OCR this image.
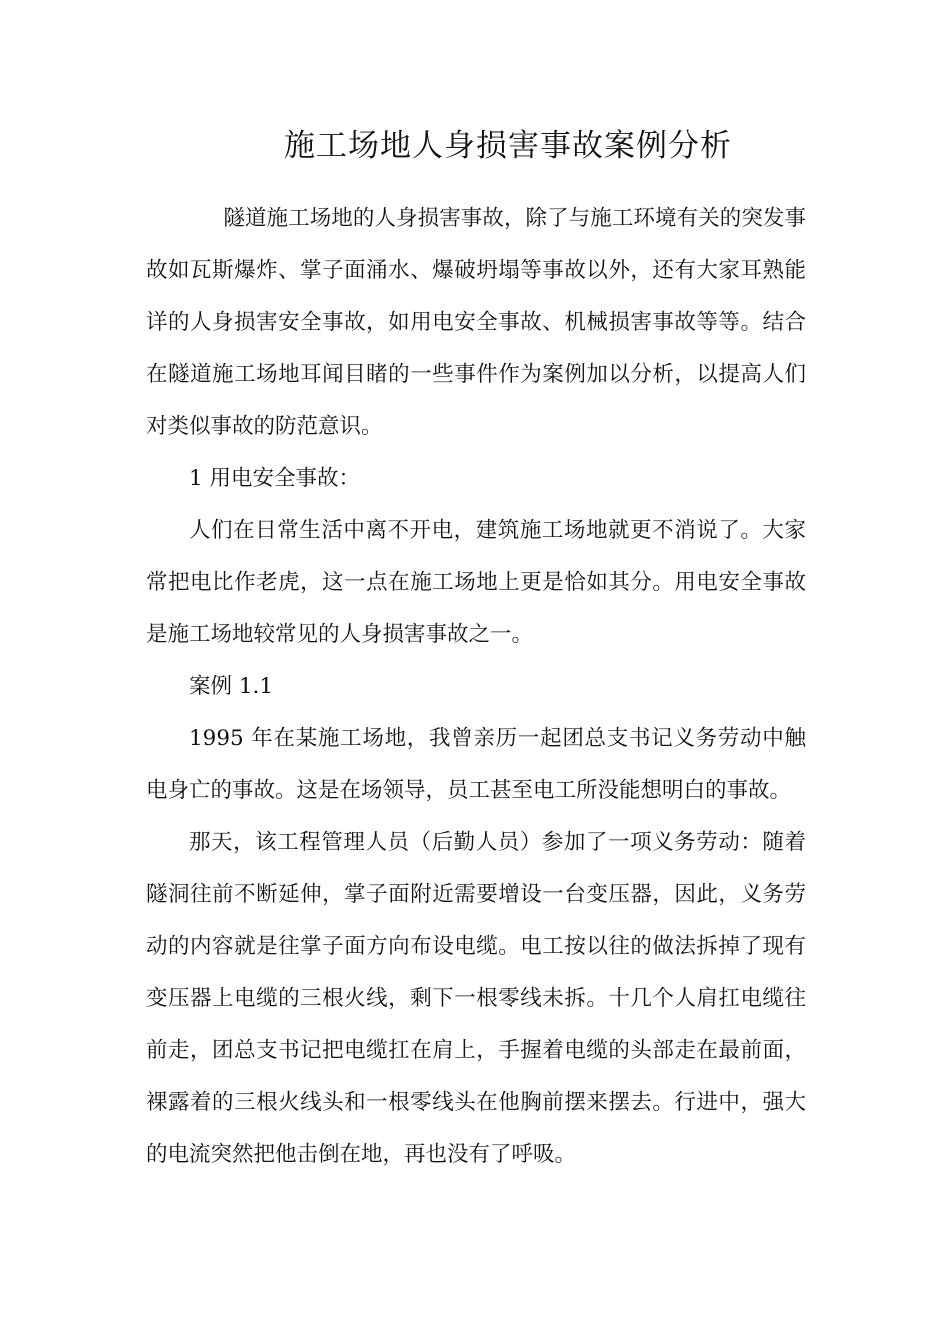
施工场地人身损害事故案例分析

隧道施工场地的人身损害事故，除了与施工环境有关的突发事故如瓦斯爆炸、掌子面涌水、爆破坍塌等事故以外，还有大家耳熟能详的人身损害安全事故，如用电安全事故、机械损害事故等等。结合在隧道施工场地耳闻目睹的一些事件作为案例加以分析，以提高人们对类似事故的防范意识。

1 用电安全事故：

人们在日常生活中离不开电，建筑施工场地就更不消说了。大家常把电比作老虎，这一点在施工场地上更是恰如其分。用电安全事故是施工场地较常见的人身损害事故之一。

案例 1.1

1995 年在某施工场地，我曾亲历一起团总支书记义务劳动中触电身亡的事故。这是在场领导，员工甚至电工所没能想明白的事故。

那天，该工程管理人员（后勤人员）参加了一项义务劳动：随着隧洞往前不断延伸，掌子面附近需要增设一台变压器，因此，义务劳动的内容就是往掌子面方向布设电缆。电工按以往的做法拆掉了现有变压器上电缆的三根火线，剩下一根零线未拆。十几个人肩扛电缆往前走，团总支书记把电缆扛在肩上，手握着电缆的头部走在最前面，裸露着的三根火线头和一根零线头在他胸前摆来摆去。行进中，强大的电流突然把他击倒在地，再也没有了呼吸。
